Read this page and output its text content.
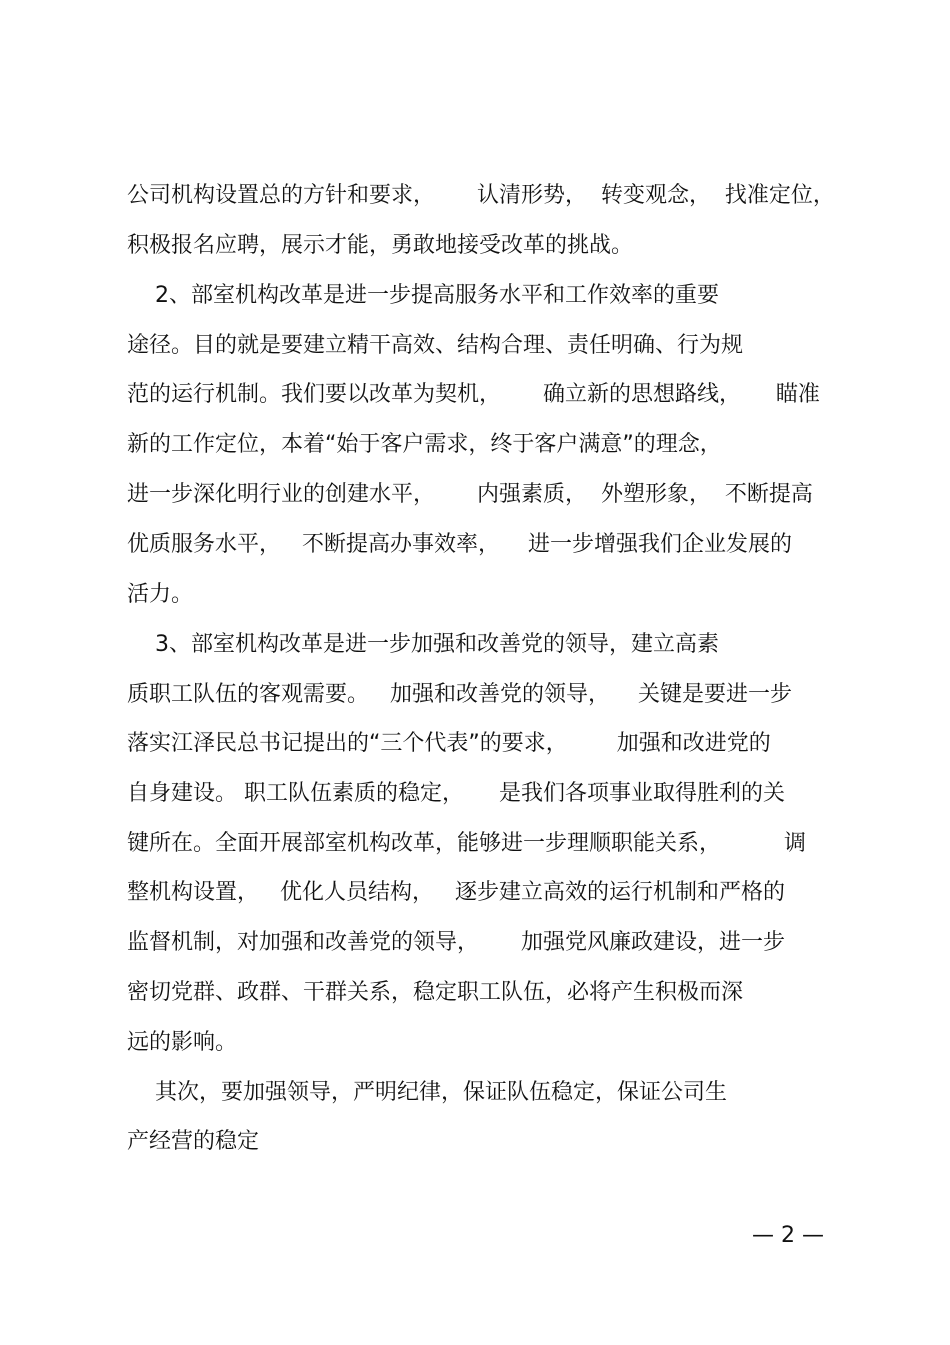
公司机构设置总的方针和要求，      认清形势，  转变观念，  找准定位，
积极报名应聘，展示才能，勇敢地接受改革的挑战。
2、部室机构改革是进一步提高服务水平和工作效率的重要
途径。目的就是要建立精干高效、结构合理、责任明确、行为规
范的运行机制。我们要以改革为契机，      确立新的思想路线，     瞄准
新的工作定位，本着“始于客户需求，终于客户满意”的理念，
进一步深化明行业的创建水平，      内强素质，  外塑形象，  不断提高
优质服务水平，   不断提高办事效率，    进一步增强我们企业发展的
活力。
3、部室机构改革是进一步加强和改善党的领导，建立高素
质职工队伍的客观需要。   加强和改善党的领导，    关键是要进一步
落实江泽民总书记提出的“三个代表”的要求，       加强和改进党的
自身建设。 职工队伍素质的稳定，     是我们各项事业取得胜利的关
键所在。全面开展部室机构改革，能够进一步理顺职能关系，         调
整机构设置，   优化人员结构，   逐步建立高效的运行机制和严格的
监督机制，对加强和改善党的领导，      加强党风廉政建设，进一步
密切党群、政群、干群关系，稳定职工队伍，必将产生积极而深
远的影响。
其次，要加强领导，严明纪律，保证队伍稳定，保证公司生
产经营的稳定
— 2 —
